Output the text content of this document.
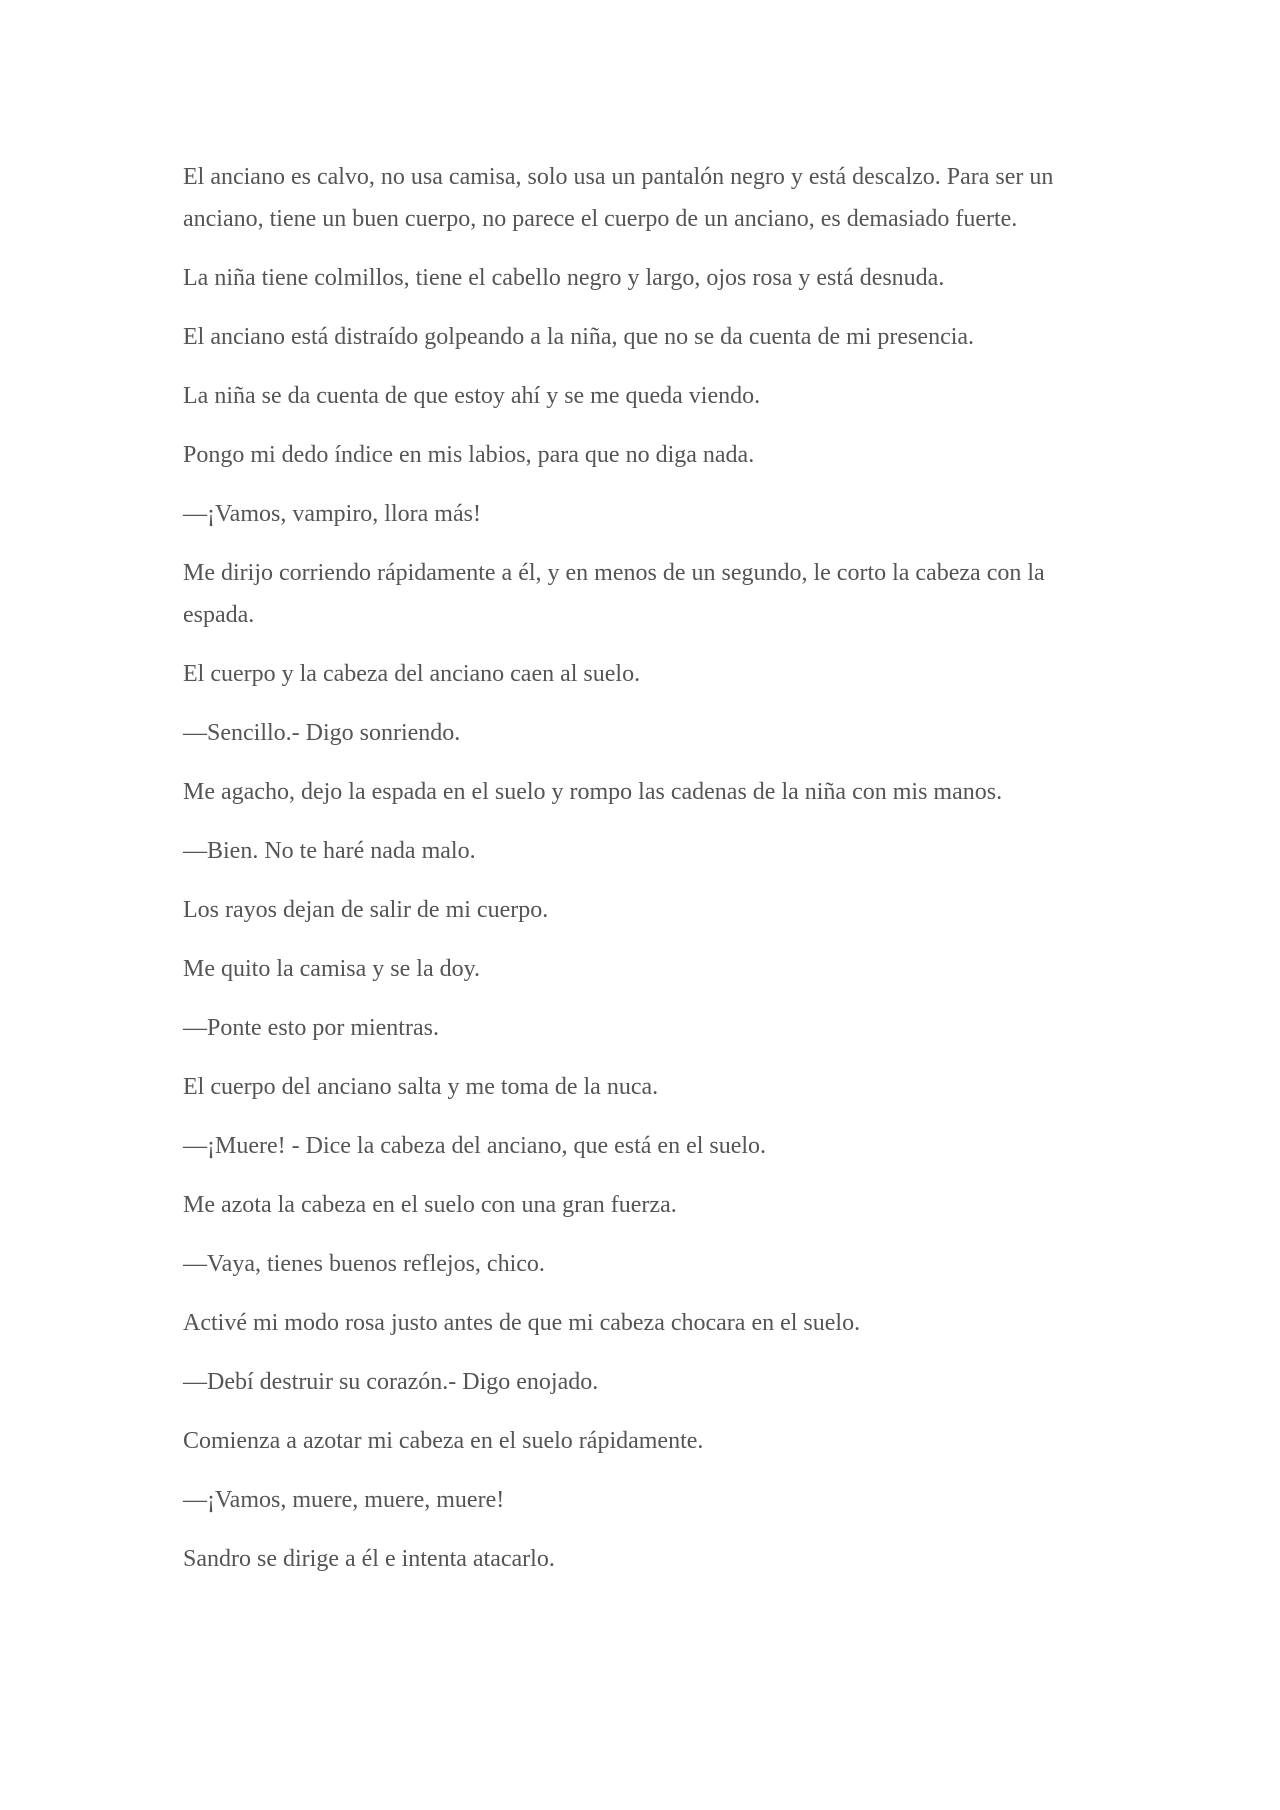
El anciano es calvo, no usa camisa, solo usa un pantalón negro y está descalzo. Para ser un anciano, tiene un buen cuerpo, no parece el cuerpo de un anciano, es demasiado fuerte.

La niña tiene colmillos, tiene el cabello negro y largo, ojos rosa y está desnuda.

El anciano está distraído golpeando a la niña, que no se da cuenta de mi presencia.

La niña se da cuenta de que estoy ahí y se me queda viendo.

Pongo mi dedo índice en mis labios, para que no diga nada.

—¡Vamos, vampiro, llora más!

Me dirijo corriendo rápidamente a él, y en menos de un segundo, le corto la cabeza con la espada.

El cuerpo y la cabeza del anciano caen al suelo.

—Sencillo.- Digo sonriendo.

Me agacho, dejo la espada en el suelo y rompo las cadenas de la niña con mis manos.

—Bien. No te haré nada malo.

Los rayos dejan de salir de mi cuerpo.

Me quito la camisa y se la doy.

—Ponte esto por mientras.

El cuerpo del anciano salta y me toma de la nuca.

—¡Muere! - Dice la cabeza del anciano, que está en el suelo.

Me azota la cabeza en el suelo con una gran fuerza.

—Vaya, tienes buenos reflejos, chico.

Activé mi modo rosa justo antes de que mi cabeza chocara en el suelo.

—Debí destruir su corazón.- Digo enojado.

Comienza a azotar mi cabeza en el suelo rápidamente.

—¡Vamos, muere, muere, muere!

Sandro se dirige a él e intenta atacarlo.
